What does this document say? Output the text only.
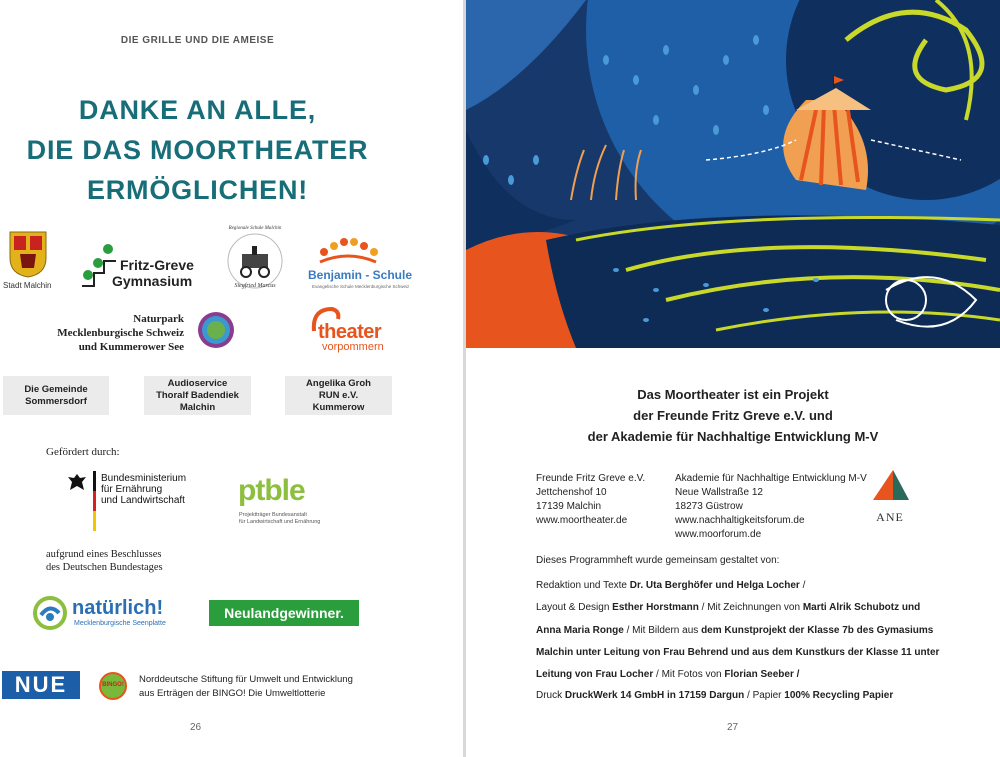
DIE GRILLE UND DIE AMEISE
DANKE AN ALLE,
DIE DAS MOORTHEATER
ERMÖGLICHEN!
Stadt Malchin
Fritz-Greve
Gymnasium
Regionale Schule Malchin
Siegfried Marcus
Benjamin - Schule
Evangelische Schule Mecklenburgische Schweiz
Naturpark
Mecklenburgische Schweiz
und Kummerower See
theater
vorpommern
Die Gemeinde
Sommersdorf
Audioservice
Thoralf Badendiek
Malchin
Angelika Groh
RUN e.V.
Kummerow
Gefördert durch:
Bundesministerium
für Ernährung
und Landwirtschaft ptble
Projektträger Bundesanstalt
für Landwirtschaft und Ernährung
aufgrund eines Beschlusses
des Deutschen Bundestages
natürlich!
Mecklenburgische Seenplatte
Neulandgewinner.
NUE	BINGO!	Norddeutsche Stiftung für Umwelt und Entwicklung
aus Erträgen der BINGO! Die Umweltlotterie
26
Das Moortheater ist ein Projekt
der Freunde Fritz Greve e.V. und
der Akademie für Nachhaltige Entwicklung M-V
Freunde Fritz Greve e.V.
Jettchenshof 10
17139 Malchin
www.moortheater.de
Akademie für Nachhaltige Entwicklung M-V
Neue Wallstraße 12
18273 Güstrow
www.nachhaltigkeitsforum.de
www.moorforum.de
ANE
Dieses Programmheft wurde gemeinsam gestaltet von:
Redaktion und Texte Dr. Uta Berghöfer und Helga Locher /
Layout & Design Esther Horstmann / Mit Zeichnungen von Marti Alrik Schubotz und
Anna Maria Ronge / Mit Bildern aus dem Kunstprojekt der Klasse 7b des Gymasiums
Malchin unter Leitung von Frau Behrend und aus dem Kunstkurs der Klasse 11 unter
Leitung von Frau Locher / Mit Fotos von Florian Seeber /
Druck DruckWerk 14 GmbH in 17159 Dargun / Papier 100% Recycling Papier
27
